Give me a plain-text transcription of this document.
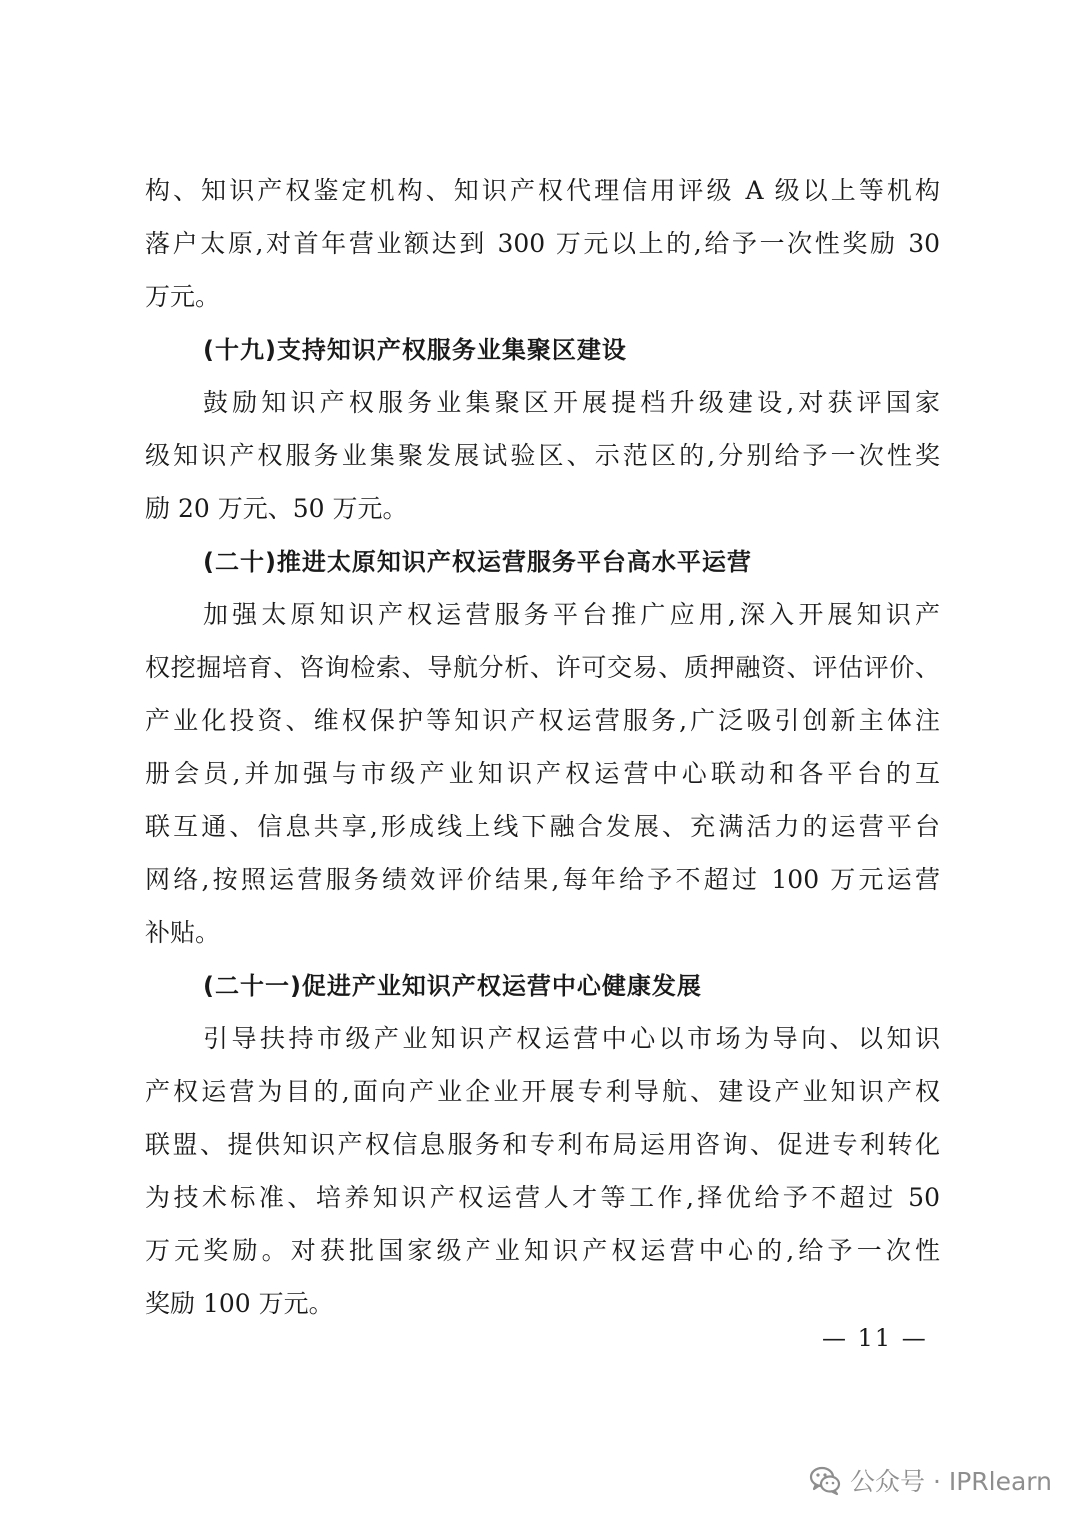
构、知识产权鉴定机构、知识产权代理信用评级 A 级以上等机构
落户太原,对首年营业额达到 300 万元以上的,给予一次性奖励 30
万元。
(十九)支持知识产权服务业集聚区建设
鼓励知识产权服务业集聚区开展提档升级建设,对获评国家
级知识产权服务业集聚发展试验区、示范区的,分别给予一次性奖
励 20 万元、50 万元。
(二十)推进太原知识产权运营服务平台高水平运营
加强太原知识产权运营服务平台推广应用,深入开展知识产
权挖掘培育、咨询检索、导航分析、许可交易、质押融资、评估评价、
产业化投资、维权保护等知识产权运营服务,广泛吸引创新主体注
册会员,并加强与市级产业知识产权运营中心联动和各平台的互
联互通、信息共享,形成线上线下融合发展、充满活力的运营平台
网络,按照运营服务绩效评价结果,每年给予不超过 100 万元运营
补贴。
(二十一)促进产业知识产权运营中心健康发展
引导扶持市级产业知识产权运营中心以市场为导向、以知识
产权运营为目的,面向产业企业开展专利导航、建设产业知识产权
联盟、提供知识产权信息服务和专利布局运用咨询、促进专利转化
为技术标准、培养知识产权运营人才等工作,择优给予不超过 50
万元奖励。对获批国家级产业知识产权运营中心的,给予一次性
奖励 100 万元。
— 11 —
公众号 · IPRlearn
